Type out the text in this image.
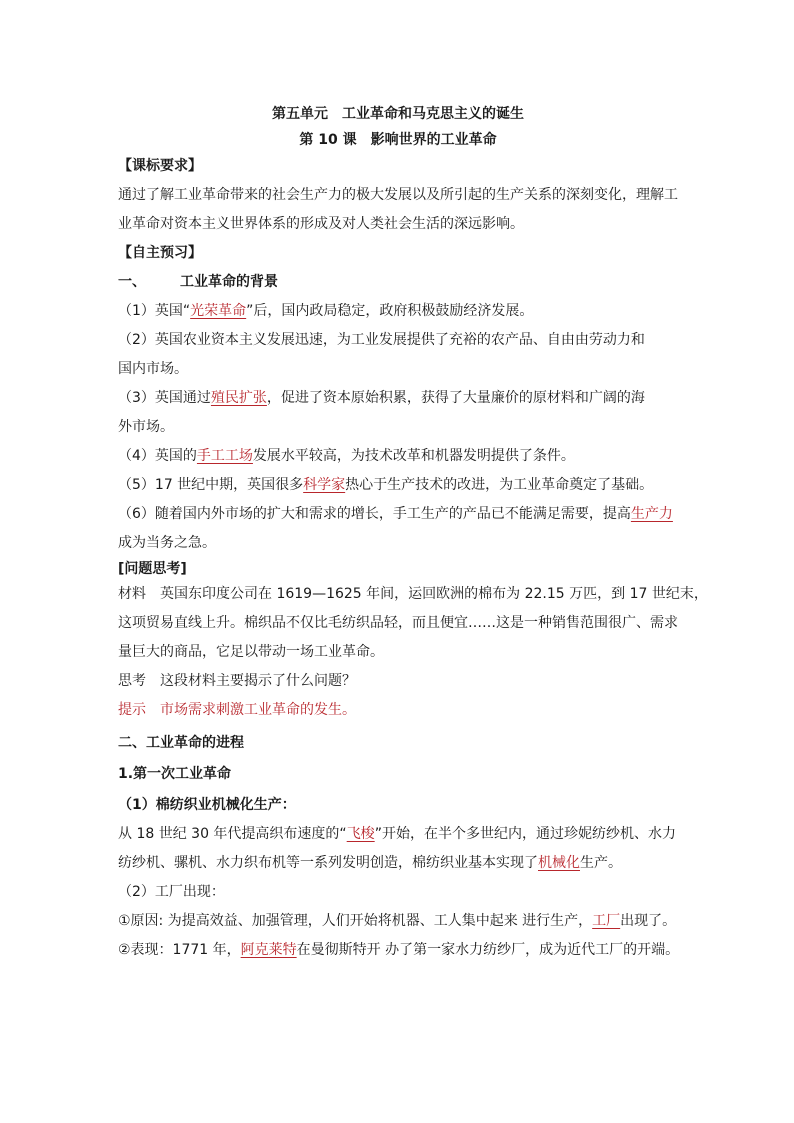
第五单元　工业革命和马克思主义的诞生
第 10 课　影响世界的工业革命
【课标要求】
通过了解工业革命带来的社会生产力的极大发展以及所引起的生产关系的深刻变化，理解工
业革命对资本主义世界体系的形成及对人类社会生活的深远影响。
【自主预习】
一、 工业革命的背景
（1）英国“光荣革命”后，国内政局稳定，政府积极鼓励经济发展。
（2）英国农业资本主义发展迅速，为工业发展提供了充裕的农产品、自由由劳动力和
国内市场。
（3）英国通过殖民扩张，促进了资本原始积累，获得了大量廉价的原材料和广阔的海
外市场。
（4）英国的手工工场发展水平较高，为技术改革和机器发明提供了条件。
（5）17 世纪中期，英国很多科学家热心于生产技术的改进，为工业革命奠定了基础。
（6）随着国内外市场的扩大和需求的增长，手工生产的产品已不能满足需要，提高生产力
成为当务之急。
[问题思考]
材料　英国东印度公司在 1619—1625 年间，运回欧洲的棉布为 22.15 万匹，到 17 世纪末，
这项贸易直线上升。棉织品不仅比毛纺织品轻，而且便宜……这是一种销售范围很广、需求
量巨大的商品，它足以带动一场工业革命。
思考　这段材料主要揭示了什么问题？
提示　市场需求刺激工业革命的发生。
二、工业革命的进程
1.第一次工业革命
（1）棉纺织业机械化生产：
从 18 世纪 30 年代提高织布速度的“飞梭”开始，在半个多世纪内，通过珍妮纺纱机、水力
纺纱机、骡机、水力织布机等一系列发明创造，棉纺织业基本实现了机械化生产。
（2）工厂出现：
①原因: 为提高效益、加强管理，人们开始将机器、工人集中起来 进行生产，工厂出现了。
②表现：1771 年，阿克莱特在曼彻斯特开 办了第一家水力纺纱厂，成为近代工厂的开端。
